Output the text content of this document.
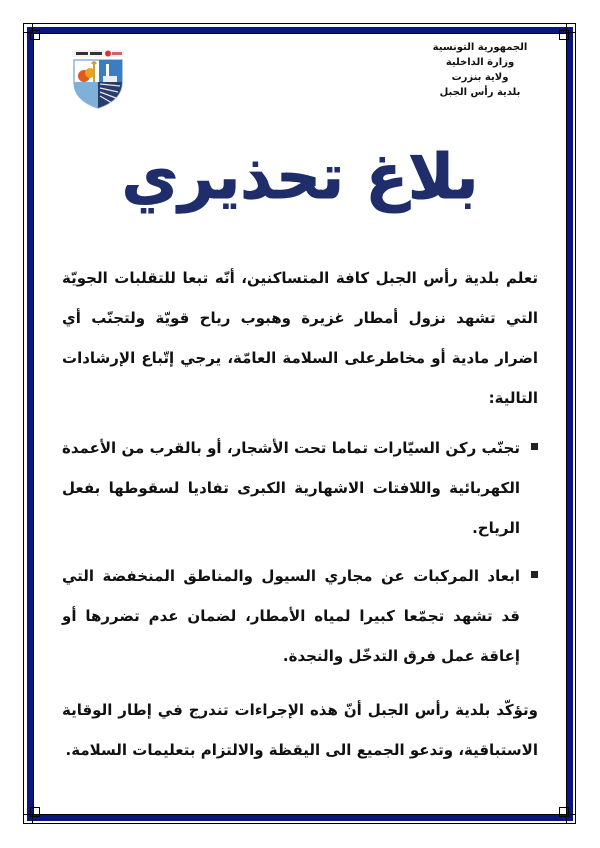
الجمهورية التونسية
وزارة الداخلية
ولاية بنزرت
بلدية رأس الجبل
بلاغ تحذيري

تعلم بلدية رأس الجبل كافة المتساكنين، أنّه تبعا للتقلبات الجويّة التي تشهد نزول أمطار غزيرة وهبوب رياح قويّة ولتجنّب أي اضرار مادية أو مخاطرعلى السلامة العامّة، يرجي إتّباع الإرشادات التالية:

تجنّب ركن السيّارات تماما تحت الأشجار، أو بالقرب من الأعمدة الكهربائية واللافتات الاشهارية الكبرى تفاديا لسقوطها بفعل الرياح.
ابعاد المركبات عن مجاري السيول والمناطق المنخفضة التي قد تشهد تجمّعا كبيرا لمياه الأمطار، لضمان عدم تضررها أو إعاقة عمل فرق التدخّل والنجدة.

وتؤكّد بلدية رأس الجبل أنّ هذه الإجراءات تندرج في إطار الوقاية الاستباقية، وتدعو الجميع الى اليقظة والالتزام بتعليمات السلامة.
